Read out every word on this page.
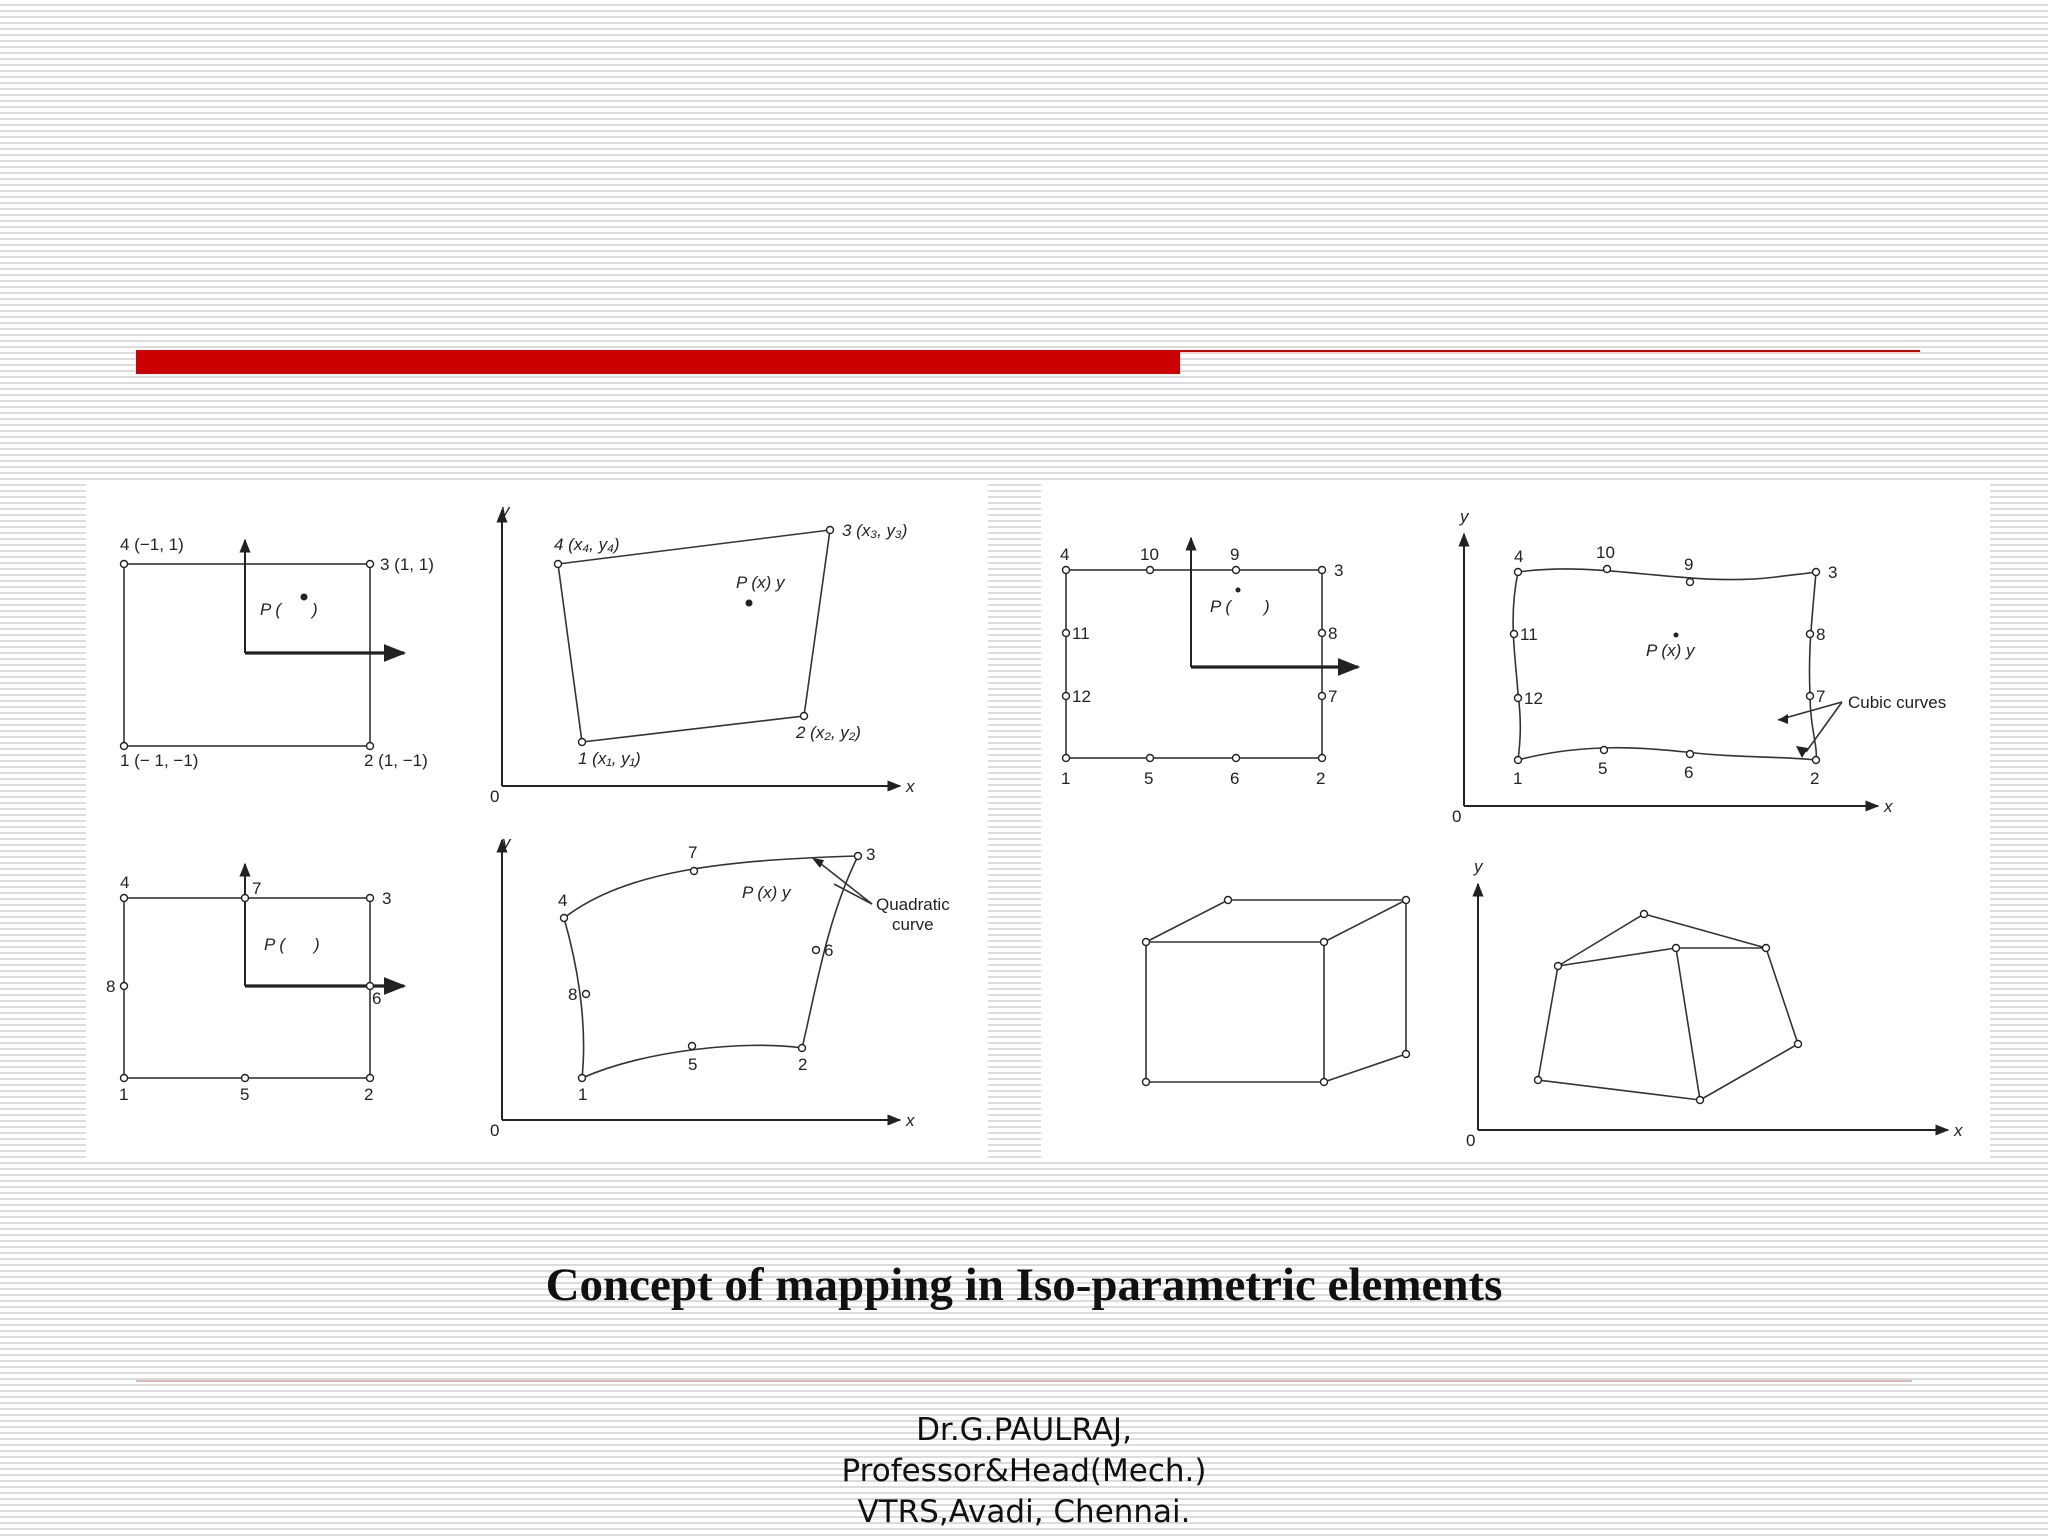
4 (−1, 1)
3 (1, 1)
1 (− 1, −1)	2 (1, −1)
P ( )
y
x
0
4 (x₄, y₄)
3 (x₃, y₃)
1 (x₁, y₁)
2 (x₂, y₂)
P (x) y
4	10	9
3
11	8
12	7
1	5	6	2
P ( )
y
x
0
4	10
9	3
11	8
12	7
1
5	6	2
P (x) y
Cubic curves
4	7
3
8
6
1	5	2
P ( )
y
x
0
7	3
4
8
6
1
5	2
P (x) y
Quadratic
curve
y
x
0
Concept of mapping in Iso-parametric elements
Dr.G.PAULRAJ,
Professor&Head(Mech.)
VTRS,Avadi, Chennai.
